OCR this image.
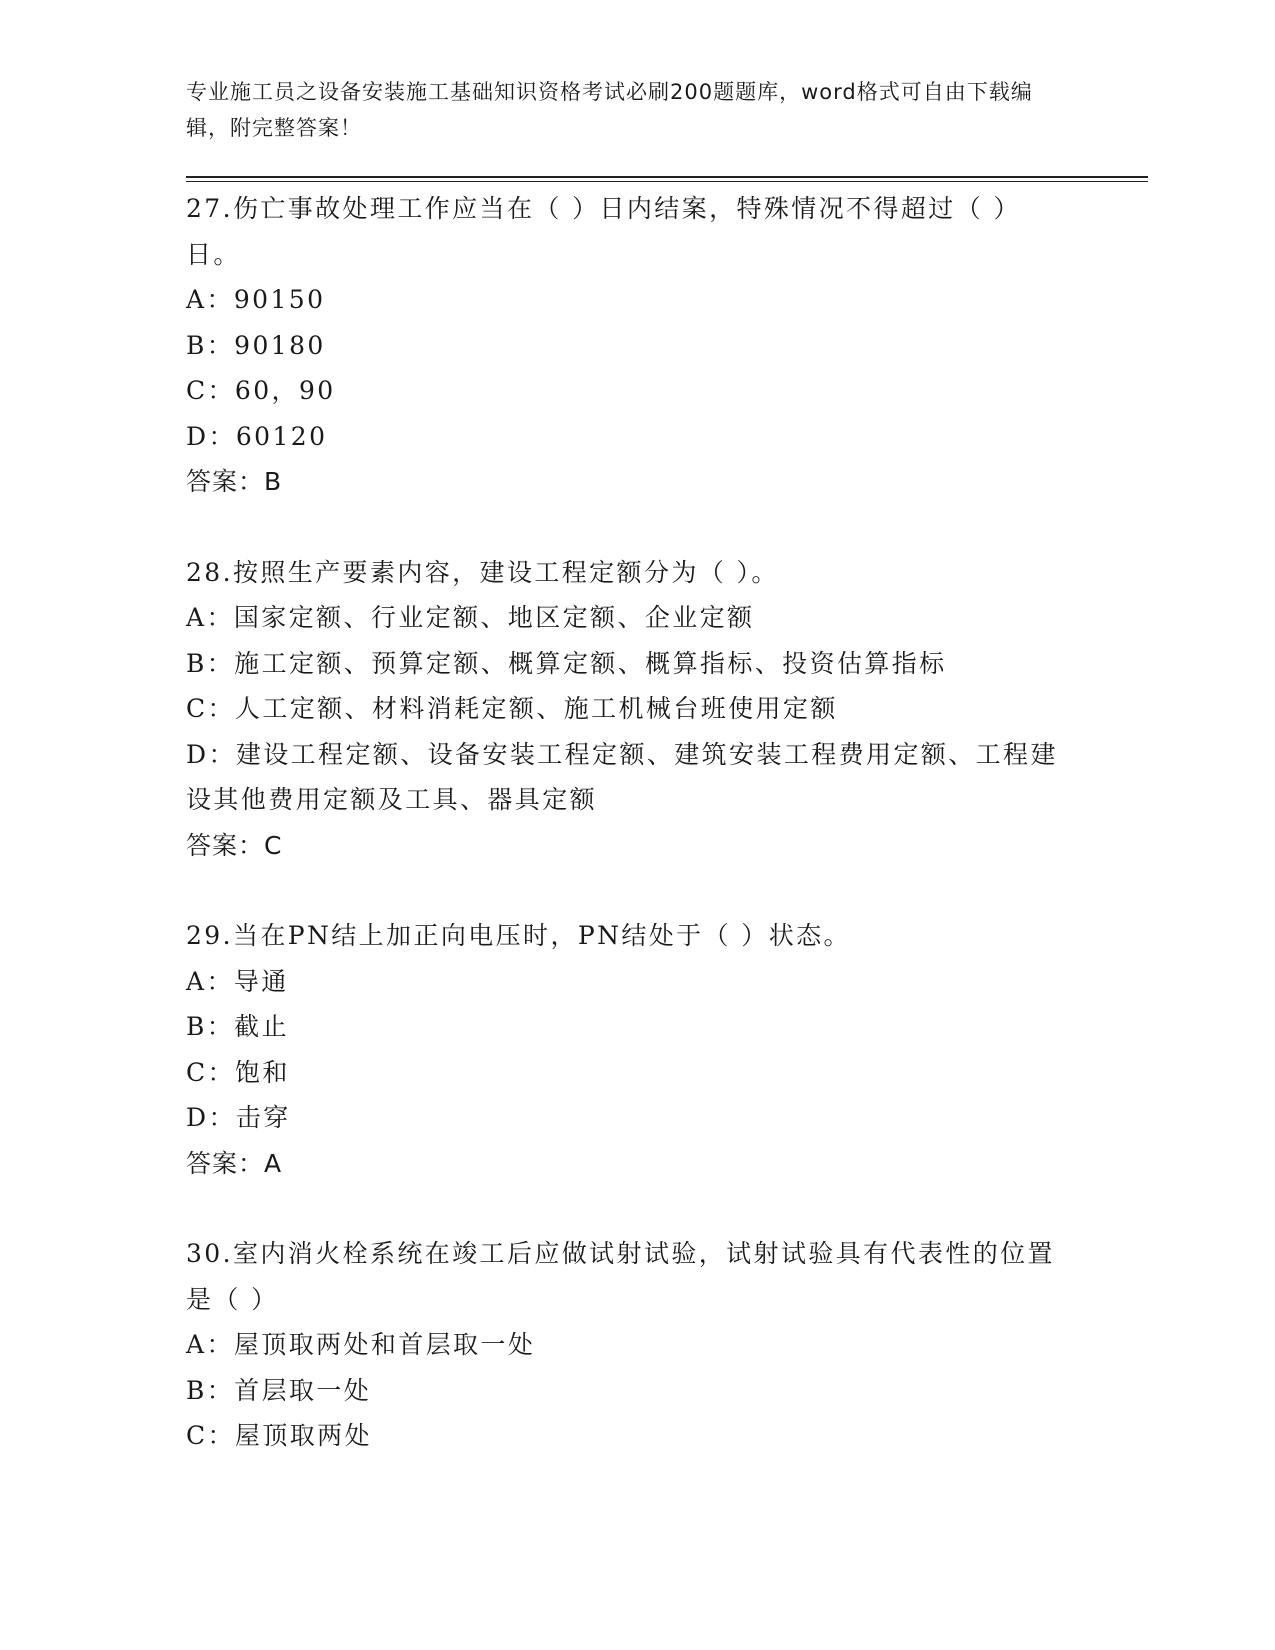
专业施工员之设备安装施工基础知识资格考试必刷200题题库，word格式可自由下载编辑，附完整答案！

27.伤亡事故处理工作应当在（ ）日内结案，特殊情况不得超过（ ）日。

A：90150

B：90180

C：60，90

D：60120

答案：B

28.按照生产要素内容，建设工程定额分为（ ）。

A：国家定额、行业定额、地区定额、企业定额

B：施工定额、预算定额、概算定额、概算指标、投资估算指标

C：人工定额、材料消耗定额、施工机械台班使用定额

D：建设工程定额、设备安装工程定额、建筑安装工程费用定额、工程建设其他费用定额及工具、器具定额

答案：C

29.当在PN结上加正向电压时，PN结处于（ ）状态。

A：导通

B：截止

C：饱和

D：击穿

答案：A

30.室内消火栓系统在竣工后应做试射试验，试射试验具有代表性的位置是（ ）

A：屋顶取两处和首层取一处

B：首层取一处

C：屋顶取两处
